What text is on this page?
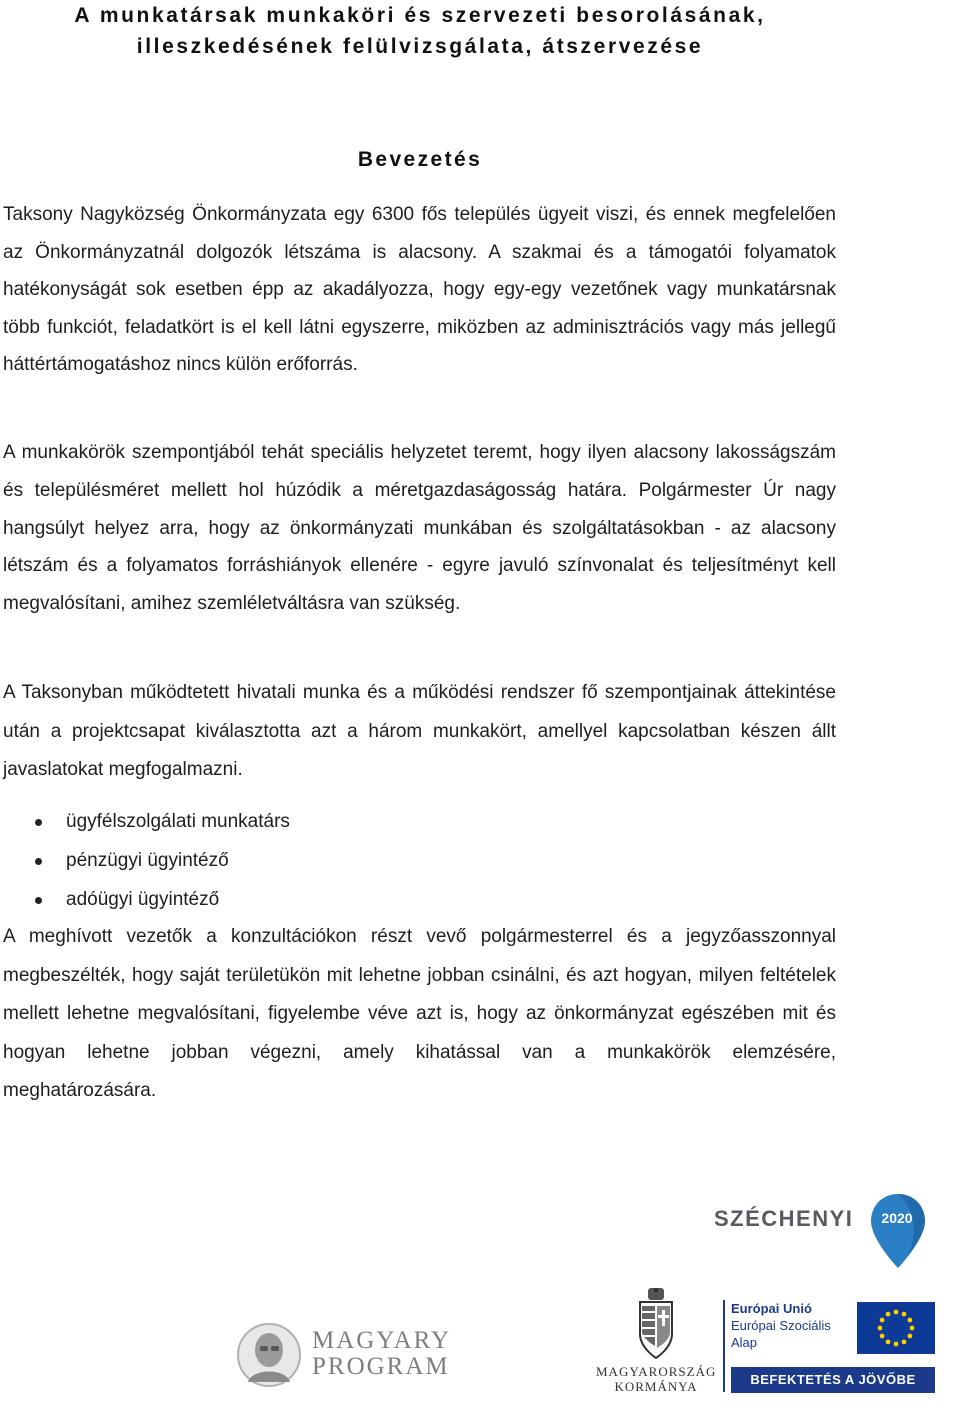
A munkatársak munkaköri és szervezeti besorolásának,
illeszkedésének felülvizsgálata, átszervezése
Bevezetés

Taksony Nagyközség Önkormányzata egy 6300 fős település ügyeit viszi, és ennek megfelelően az Önkormányzatnál dolgozók létszáma is alacsony. A szakmai és a támogatói folyamatok hatékonyságát sok esetben épp az akadályozza, hogy egy-egy vezetőnek vagy munkatársnak több funkciót, feladatkört is el kell látni egyszerre, miközben az adminisztrációs vagy más jellegű háttértámogatáshoz nincs külön erőforrás.

A munkakörök szempontjából tehát speciális helyzetet teremt, hogy ilyen alacsony lakosságszám és településméret mellett hol húzódik a méretgazdaságosság határa. Polgármester Úr nagy hangsúlyt helyez arra, hogy az önkormányzati munkában és szolgáltatásokban - az alacsony létszám és a folyamatos forráshiányok ellenére - egyre javuló színvonalat és teljesítményt kell megvalósítani, amihez szemléletváltásra van szükség.

A Taksonyban működtetett hivatali munka és a működési rendszer fő szempontjainak áttekintése után a projektcsapat kiválasztotta azt a három munkakört, amellyel kapcsolatban készen állt javaslatokat megfogalmazni.

ügyfélszolgálati munkatárs
pénzügyi ügyintéző
adóügyi ügyintéző

A meghívott vezetők a konzultációkon részt vevő polgármesterrel és a jegyzőasszonnyal megbeszélték, hogy saját területükön mit lehetne jobban csinálni, és azt hogyan, milyen feltételek mellett lehetne megvalósítani, figyelembe véve azt is, hogy az önkormányzat egészében mit és hogyan lehetne jobban végezni, amely kihatással van a munkakörök elemzésére, meghatározására.

SZÉCHENYI	2020
MAGYARY
PROGRAM	MAGYARORSZÁG
KORMÁNYA
Európai Unió
Európai Szociális
Alap
BEFEKTETÉS A JÖVŐBE
